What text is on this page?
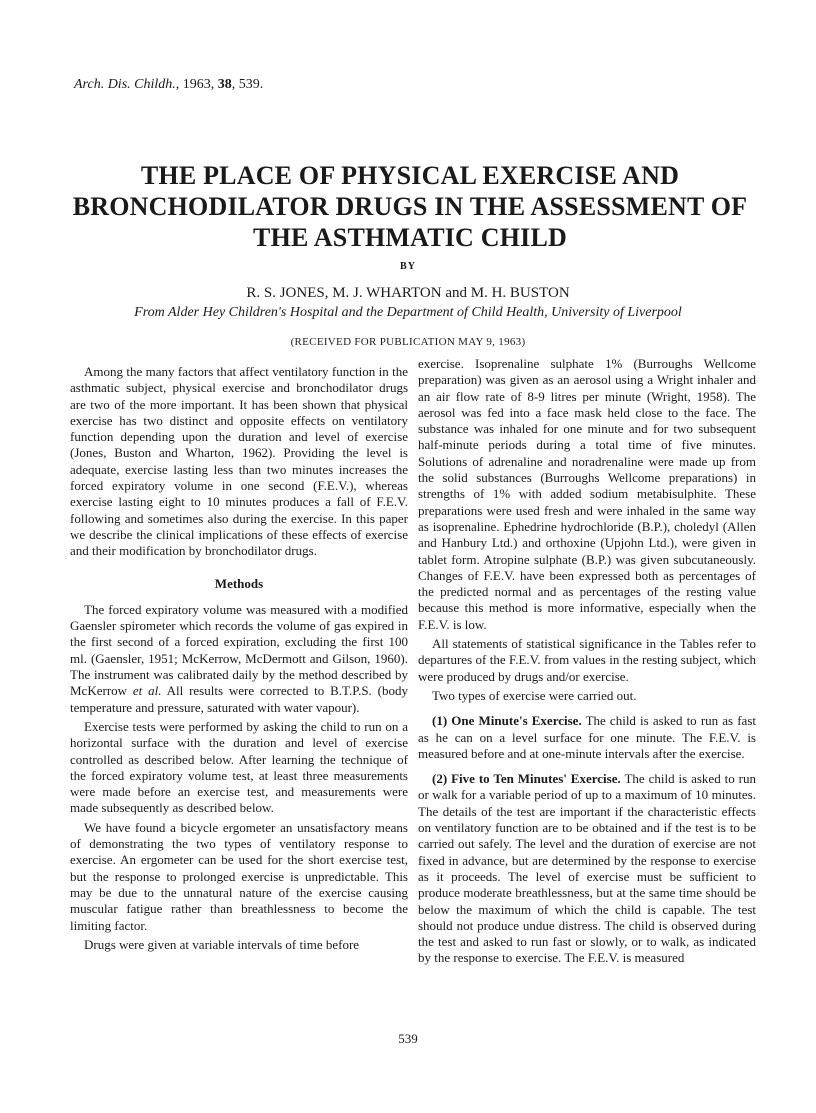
Arch. Dis. Childh., 1963, 38, 539.
THE PLACE OF PHYSICAL EXERCISE AND BRONCHODILATOR DRUGS IN THE ASSESSMENT OF THE ASTHMATIC CHILD
BY
R. S. JONES, M. J. WHARTON and M. H. BUSTON
From Alder Hey Children's Hospital and the Department of Child Health, University of Liverpool
(RECEIVED FOR PUBLICATION MAY 9, 1963)

Among the many factors that affect ventilatory function in the asthmatic subject, physical exercise and bronchodilator drugs are two of the more important. It has been shown that physical exercise has two distinct and opposite effects on ventilatory function depending upon the duration and level of exercise (Jones, Buston and Wharton, 1962). Providing the level is adequate, exercise lasting less than two minutes increases the forced expiratory volume in one second (F.E.V.), whereas exercise lasting eight to 10 minutes produces a fall of F.E.V. following and sometimes also during the exercise. In this paper we describe the clinical implications of these effects of exercise and their modification by bronchodilator drugs.

Methods

The forced expiratory volume was measured with a modified Gaensler spirometer which records the volume of gas expired in the first second of a forced expiration, excluding the first 100 ml. (Gaensler, 1951; McKerrow, McDermott and Gilson, 1960). The instrument was calibrated daily by the method described by McKerrow et al. All results were corrected to B.T.P.S. (body temperature and pressure, saturated with water vapour).

Exercise tests were performed by asking the child to run on a horizontal surface with the duration and level of exercise controlled as described below. After learning the technique of the forced expiratory volume test, at least three measurements were made before an exercise test, and measurements were made subsequently as described below.

We have found a bicycle ergometer an unsatisfactory means of demonstrating the two types of ventilatory response to exercise. An ergometer can be used for the short exercise test, but the response to prolonged exercise is unpredictable. This may be due to the unnatural nature of the exercise causing muscular fatigue rather than breathlessness to become the limiting factor.

Drugs were given at variable intervals of time before

exercise. Isoprenaline sulphate 1% (Burroughs Wellcome preparation) was given as an aerosol using a Wright inhaler and an air flow rate of 8-9 litres per minute (Wright, 1958). The aerosol was fed into a face mask held close to the face. The substance was inhaled for one minute and for two subsequent half-minute periods during a total time of five minutes. Solutions of adrenaline and noradrenaline were made up from the solid substances (Burroughs Wellcome preparations) in strengths of 1% with added sodium metabisulphite. These preparations were used fresh and were inhaled in the same way as isoprenaline. Ephedrine hydrochloride (B.P.), choledyl (Allen and Hanbury Ltd.) and orthoxine (Upjohn Ltd.), were given in tablet form. Atropine sulphate (B.P.) was given subcutaneously. Changes of F.E.V. have been expressed both as percentages of the predicted normal and as percentages of the resting value because this method is more informative, especially when the F.E.V. is low.

All statements of statistical significance in the Tables refer to departures of the F.E.V. from values in the resting subject, which were produced by drugs and/or exercise.

Two types of exercise were carried out.

(1) One Minute's Exercise. The child is asked to run as fast as he can on a level surface for one minute. The F.E.V. is measured before and at one-minute intervals after the exercise.

(2) Five to Ten Minutes' Exercise. The child is asked to run or walk for a variable period of up to a maximum of 10 minutes. The details of the test are important if the characteristic effects on ventilatory function are to be obtained and if the test is to be carried out safely. The level and the duration of exercise are not fixed in advance, but are determined by the response to exercise as it proceeds. The level of exercise must be sufficient to produce moderate breathlessness, but at the same time should be below the maximum of which the child is capable. The test should not produce undue distress. The child is observed during the test and asked to run fast or slowly, or to walk, as indicated by the response to exercise. The F.E.V. is measured

539
